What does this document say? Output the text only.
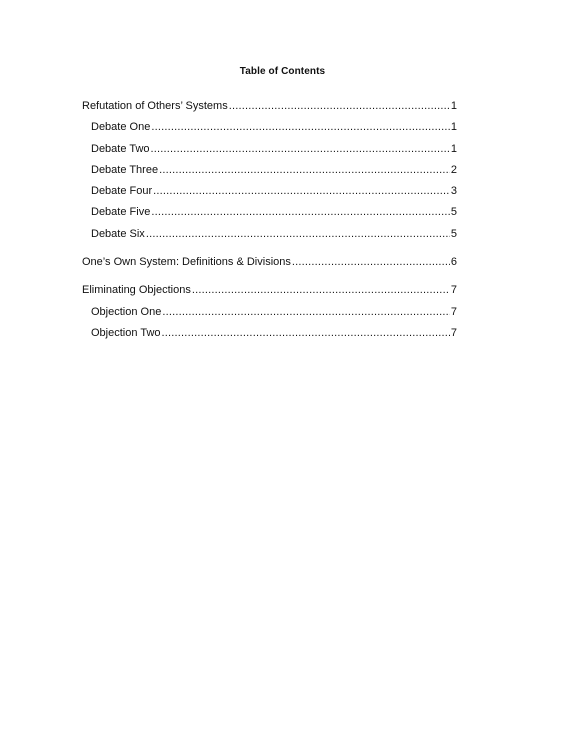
Table of Contents
Refutation of Others’ Systems .....	1
Debate One .....	1
Debate Two .....	1
Debate Three .....	2
Debate Four .....	3
Debate Five .....	5
Debate Six .....	5
One’s Own System: Definitions & Divisions .....	6
Eliminating Objections .....	7
Objection One .....	7
Objection Two .....	7
